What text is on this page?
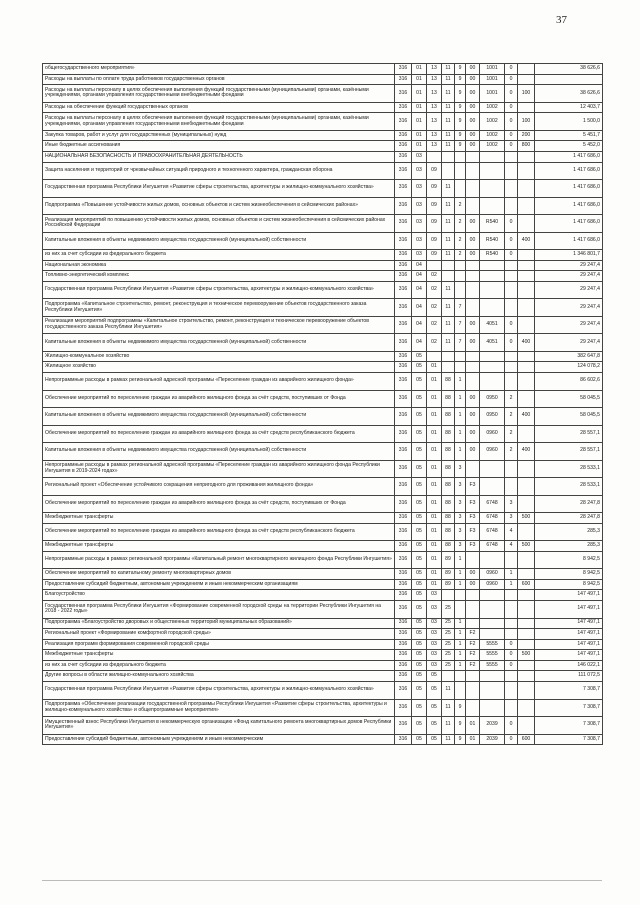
37
общегосударственного мероприятия»	316	01	13	11	9	00	1001	0		38 626,6
Расходы на выплаты по оплате труда работников государственных органов	316	01	13	11	9	00	1001	0		
Расходы на выплаты персоналу в целях обеспечения выполнения функций государственными (муниципальными) органами, казёнными учреждениями, органами управления государственными внебюджетными фондами	316	01	13	11	9	00	1001	0	100	38 626,6
Расходы на обеспечение функций государственных органов	316	01	13	11	9	00	1002	0		12 403,7
Расходы на выплаты персоналу в целях обеспечения выполнения функций государственными (муниципальными) органами, казёнными учреждениями, органами управления государственными внебюджетными фондами	316	01	13	11	9	00	1002	0	100	1 500,0
Закупка товаров, работ и услуг для государственных (муниципальных) нужд	316	01	13	11	9	00	1002	0	200	5 451,7
Иные бюджетные ассигнования	316	01	13	11	9	00	1002	0	800	5 452,0
НАЦИОНАЛЬНАЯ БЕЗОПАСНОСТЬ И ПРАВООХРАНИТЕЛЬНАЯ ДЕЯТЕЛЬНОСТЬ	316	03								1 417 686,0
Защита населения и территорий от чрезвычайных ситуаций природного и техногенного характера, гражданская оборона	316	03	09							1 417 686,0
Государственная программа Республики Ингушетия «Развитие сферы строительства, архитектуры и жилищно-коммунального хозяйства»	316	03	09	11						1 417 686,0
Подпрограмма «Повышение устойчивости жилых домов, основных объектов и систем жизнеобеспечения в сейсмических районах»	316	03	09	11	2					1 417 686,0
Реализация мероприятий по повышению устойчивости жилых домов, основных объектов и систем жизнеобеспечения в сейсмических районах Российской Федерации	316	03	09	11	2	00	R540	0		1 417 686,0
Капитальные вложения в объекты недвижимого имущества государственной (муниципальной) собственности	316	03	09	11	2	00	R540	0	400	1 417 686,0
из них за счет субсидии из федерального бюджета	316	03	09	11	2	00	R540	0		1 346 801,7
Национальная экономика	316	04								29 247,4
Топливно-энергетический комплекс	316	04	02							29 247,4
Государственная программа Республики Ингушетия «Развитие сферы строительства, архитектуры и жилищно-коммунального хозяйства»	316	04	02	11						29 247,4
Подпрограмма «Капитальное строительство, ремонт, реконструкция и техническое перевооружение объектов государственного заказа Республики Ингушетия»	316	04	02	11	7					29 247,4
Реализация мероприятий подпрограммы «Капитальное строительство, ремонт, реконструкция и техническое перевооружение объектов государственного заказа Республики Ингушетия»	316	04	02	11	7	00	4051	0		29 247,4
Капитальные вложения в объекты недвижимого имущества государственной (муниципальной) собственности	316	04	02	11	7	00	4051	0	400	29 247,4
Жилищно-коммунальное хозяйство	316	05								382 647,8
Жилищное хозяйство	316	05	01							124 078,2
Непрограммные расходы в рамках региональной адресной программы «Переселение граждан из аварийного жилищного фонда»	316	05	01	88	1					86 602,6
Обеспечение мероприятий по переселению граждан из аварийного жилищного фонда за счёт средств, поступивших от Фонда	316	05	01	88	1	00	0950	2		58 045,5
Капитальные вложения в объекты недвижимого имущества государственной (муниципальной) собственности	316	05	01	88	1	00	0950	2	400	58 045,5
Обеспечение мероприятий по переселению граждан из аварийного жилищного фонда за счёт средств республиканского бюджета	316	05	01	88	1	00	0960	2		28 557,1
Капитальные вложения в объекты недвижимого имущества государственной (муниципальной) собственности	316	05	01	88	1	00	0960	2	400	28 557,1
Непрограммные расходы в рамках региональной адресной программы «Переселение граждан из аварийного жилищного фонда Республики Ингушетия в 2019-2024 годах»	316	05	01	88	3					28 533,1
Региональный проект «Обеспечение устойчивого сокращения непригодного для проживания жилищного фонда»	316	05	01	88	3	F3				28 533,1
Обеспечение мероприятий по переселению граждан из аварийного жилищного фонда за счёт средств, поступивших от Фонда	316	05	01	88	3	F3	6748	3		28 247,8
Межбюджетные трансферты	316	05	01	88	3	F3	6748	3	500	28 247,8
Обеспечение мероприятий по переселению граждан из аварийного жилищного фонда за счёт средств республиканского бюджета	316	05	01	88	3	F3	6748	4		285,3
Межбюджетные трансферты	316	05	01	88	3	F3	6748	4	500	285,3
Непрограммные расходы в рамках региональной программы «Капитальный ремонт многоквартирного жилищного фонда Республики Ингушетия»	316	05	01	89	1					8 942,5
Обеспечение мероприятий по капитальному ремонту многоквартирных домов	316	05	01	89	1	00	0960	1		8 942,5
Предоставление субсидий бюджетным, автономным учреждениям и иным некоммерческим организациям	316	05	01	89	1	00	0960	1	600	8 942,5
Благоустройство	316	05	03							147 497,1
Государственная программа Республики Ингушетия «Формирование современной городской среды на территории Республики Ингушетия на 2018 - 2022 годы»	316	05	03	25						147 497,1
Подпрограмма «Благоустройство дворовых и общественных территорий муниципальных образований»	316	05	03	25	1					147 497,1
Региональный проект «Формирование комфортной городской среды»	316	05	03	25	1	F2				147 497,1
Реализация программ формирования современной городской среды	316	05	03	25	1	F2	5555	0		147 497,1
Межбюджетные трансферты	316	05	03	25	1	F2	5555	0	500	147 497,1
из них за счет субсидии из федерального бюджета	316	05	03	25	1	F2	5555	0		146 022,1
Другие вопросы в области жилищно-коммунального хозяйства	316	05	05							111 072,5
Государственная программа Республики Ингушетия «Развитие сферы строительства, архитектуры и жилищно-коммунального хозяйства»	316	05	05	11						7 308,7
Подпрограмма «Обеспечение реализации государственной программы Республики Ингушетия «Развитие сферы строительства, архитектуры и жилищно-коммунального хозяйства» и общепрограммные мероприятия»	316	05	05	11	9					7 308,7
Имущественный взнос Республики Ингушетия в некоммерческую организацию «Фонд капитального ремонта многоквартирных домов Республики Ингушетия»	316	05	05	11	9	01	2039	0		7 308,7
Предоставление субсидий бюджетным, автономным учреждениям и иным некоммерческим	316	05	05	11	9	01	2039	0	600	7 308,7
